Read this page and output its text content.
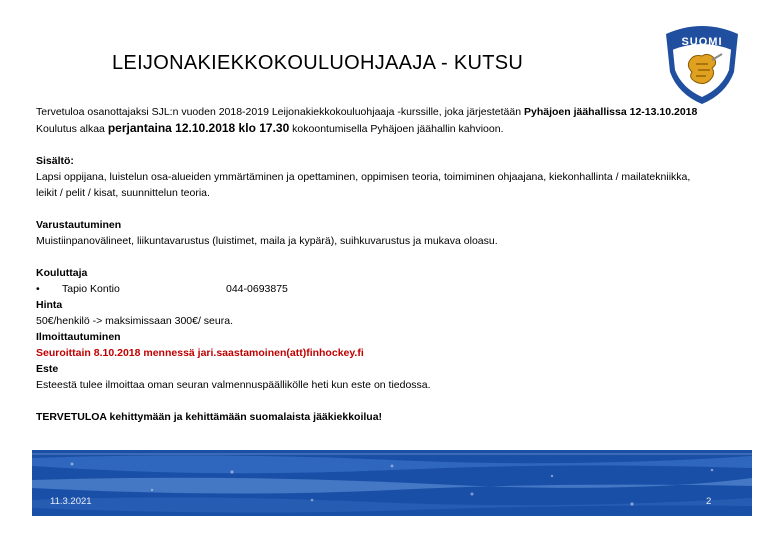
LEIJONAKIEKKOKOULUOHJAAJA - KUTSU
SUOMI

Tervetuloa osanottajaksi SJL:n vuoden 2018-2019 Leijonakiekkokouluohjaaja -kurssille, joka järjestetään Pyhäjoen jäähallissa 12-13.10.2018

Koulutus alkaa perjantaina 12.10.2018 klo 17.30 kokoontumisella Pyhäjoen jäähallin kahvioon.

Sisältö:

Lapsi oppijana, luistelun osa-alueiden ymmärtäminen ja opettaminen, oppimisen teoria, toimiminen ohjaajana, kiekonhallinta / mailatekniikka,

leikit / pelit / kisat, suunnittelun teoria.

Varustautuminen

Muistiinpanovälineet, liikuntavarustus (luistimet, maila ja kypärä), suihkuvarustus ja mukava oloasu.

Kouluttaja

• Tapio Kontio	044-0693875

Hinta

50€/henkilö -> maksimissaan 300€/ seura.

Ilmoittautuminen

Seuroittain 8.10.2018 mennessä jari.saastamoinen(att)finhockey.fi

Este

Esteestä tulee ilmoittaa oman seuran valmennuspäällikölle heti kun este on tiedossa.

TERVETULOA kehittymään ja kehittämään suomalaista jääkiekkoilua!

11.3.2021	2
